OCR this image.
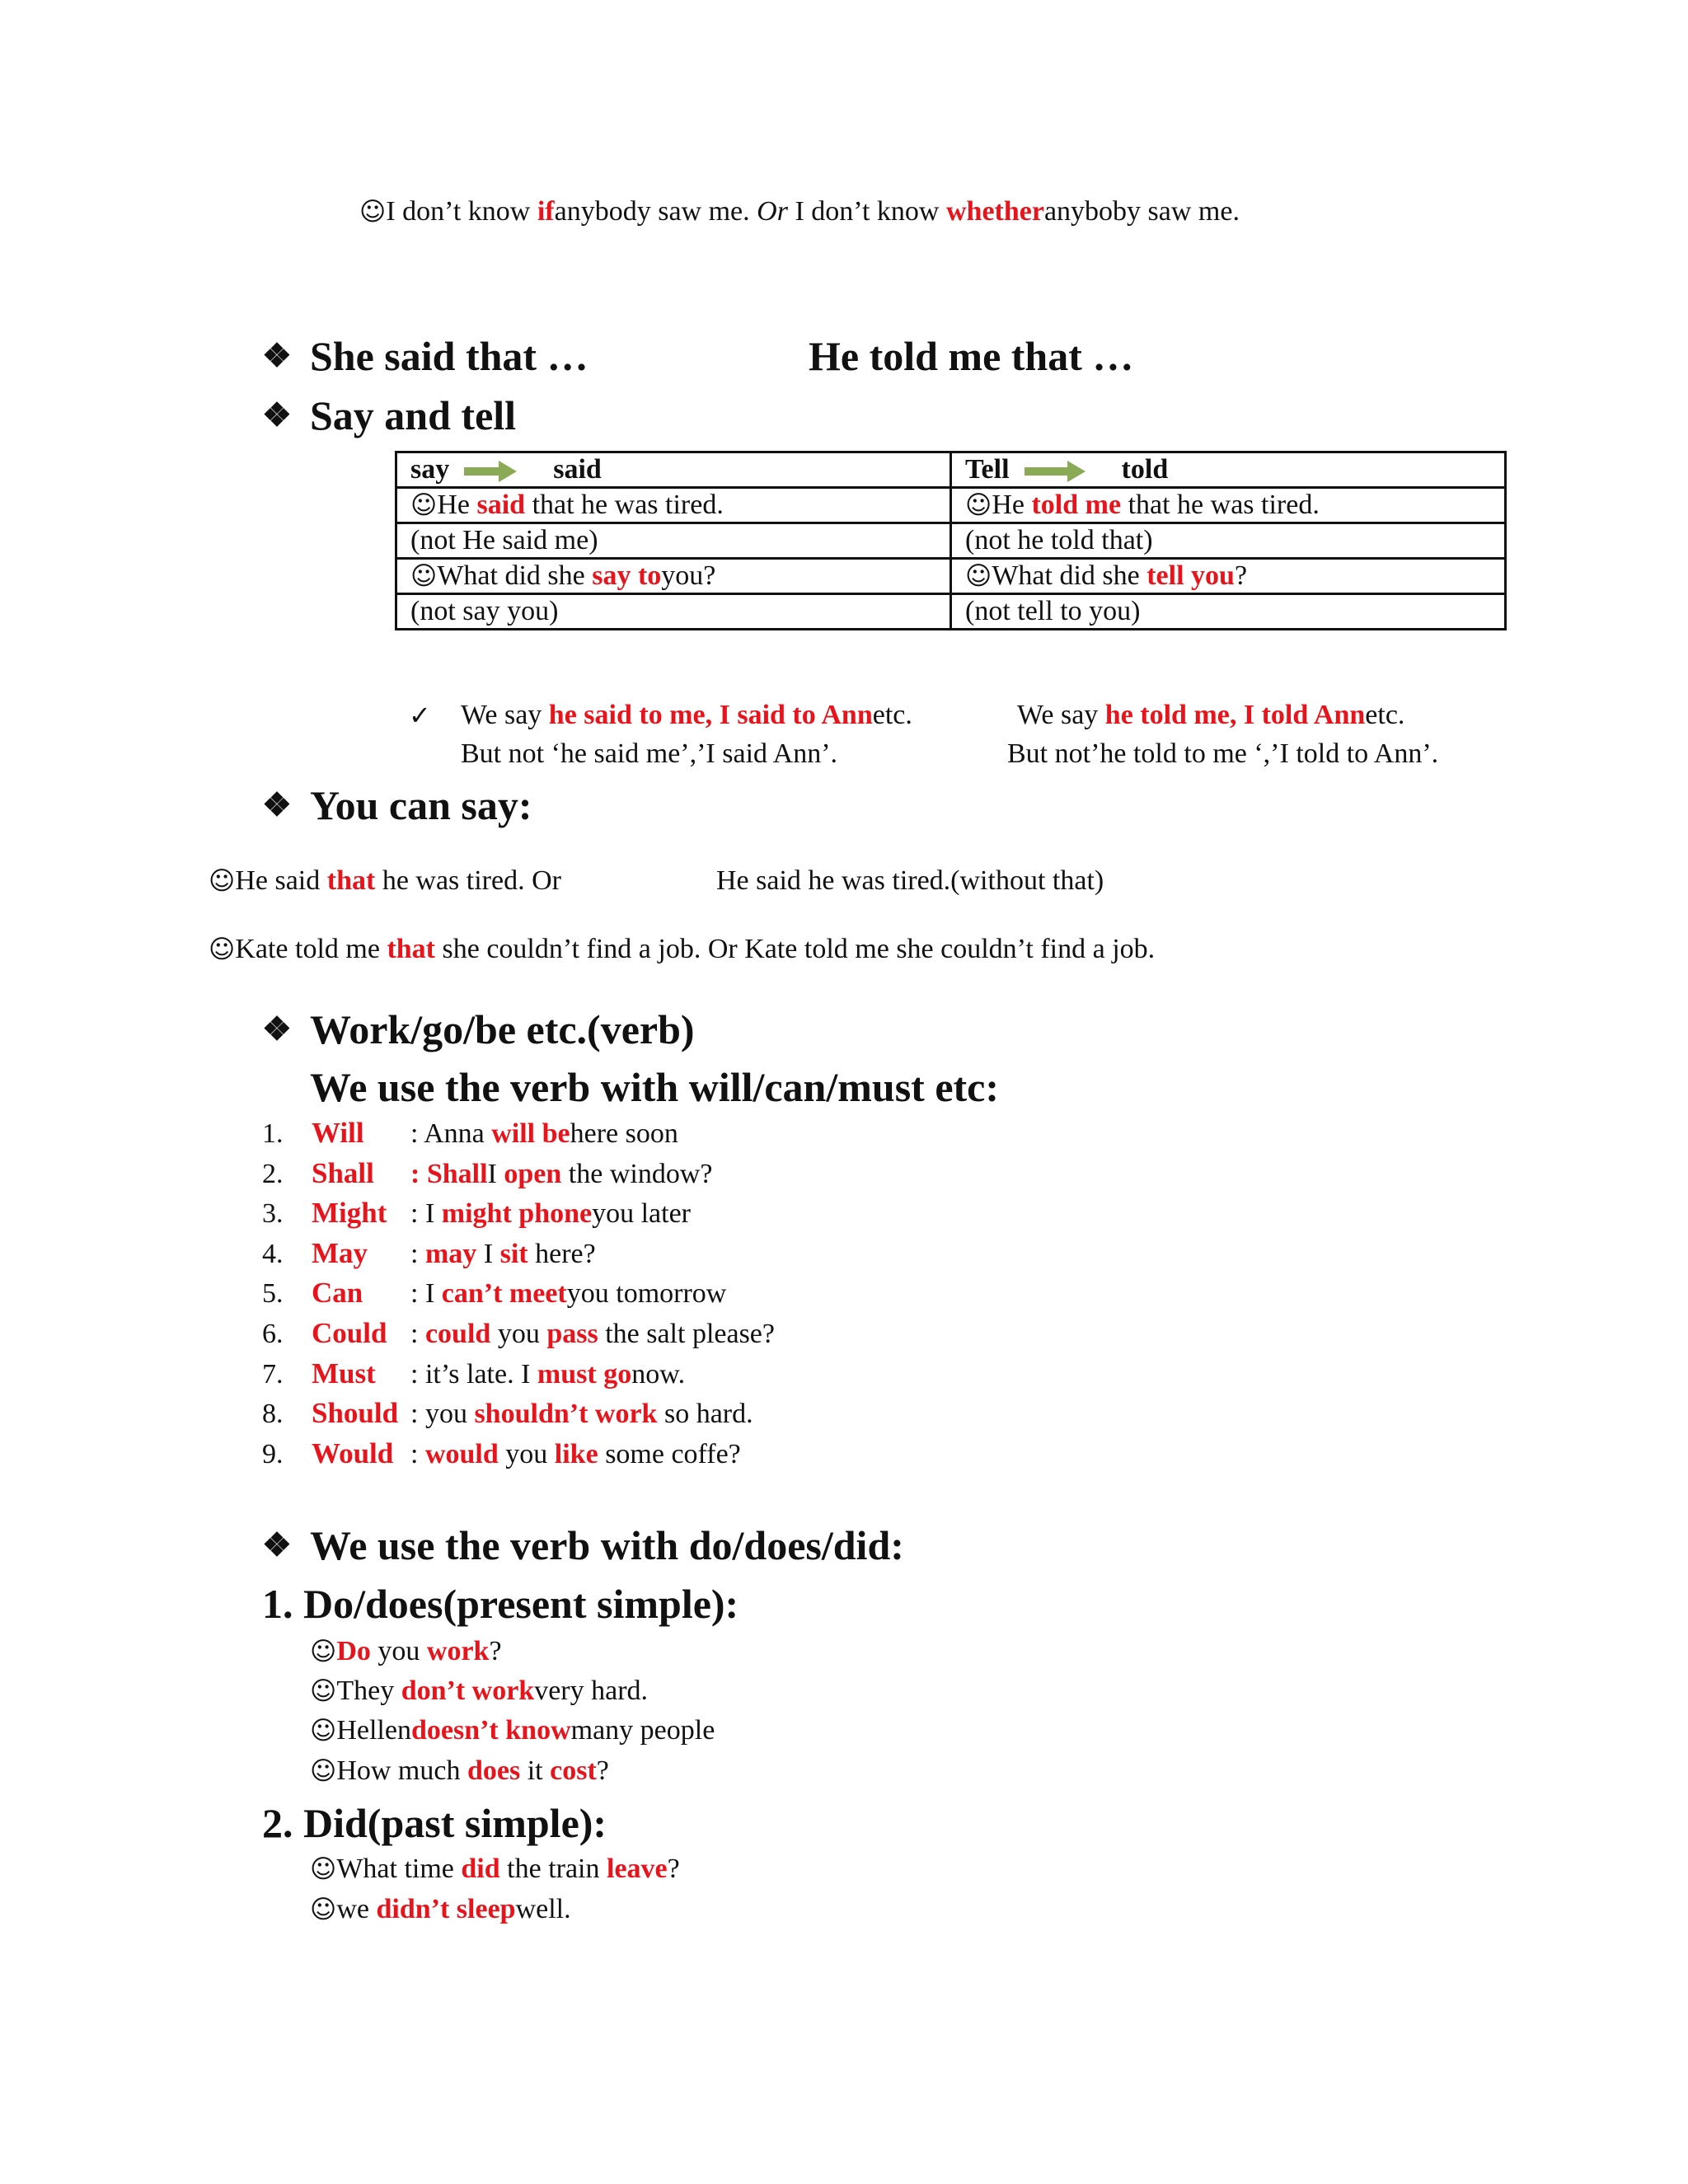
☺I don’t know ifanybody saw me. Or I don’t know whetheranyboby saw me.
❖ She said that …	He told me that …
❖ Say and tell
say said	Tell told
☺He said that he was tired.	☺He told me that he was tired.
(not He said me)	(not he told that)
☺What did she say toyou?	☺What did she tell you?
(not say you)	(not tell to you)
✓ We say he said to me, I said to Annetc.	We say he told me, I told Annetc.
But not ‘he said me’,’I said Ann’.	But not’he told to me ‘,’I told to Ann’.
❖ You can say:
☺He said that he was tired. Or	He said he was tired.(without that)
☺Kate told me that she couldn’t find a job. Or Kate told me she couldn’t find a job.
❖ Work/go/be etc.(verb)
We use the verb with will/can/must etc:
1. Will : Anna will behere soon
2. Shall : ShallI open the window?
3. Might : I might phoneyou later
4. May : may I sit here?
5. Can : I can’t meetyou tomorrow
6. Could : could you pass the salt please?
7. Must : it’s late. I must gonow.
8. Should : you shouldn’t work so hard.
9. Would : would you like some coffe?
❖ We use the verb with do/does/did:
1. Do/does(present simple):
☺Do you work?
☺They don’t workvery hard.
☺Hellendoesn’t knowmany people
☺How much does it cost?
2. Did(past simple):
☺What time did the train leave?
☺we didn’t sleepwell.
